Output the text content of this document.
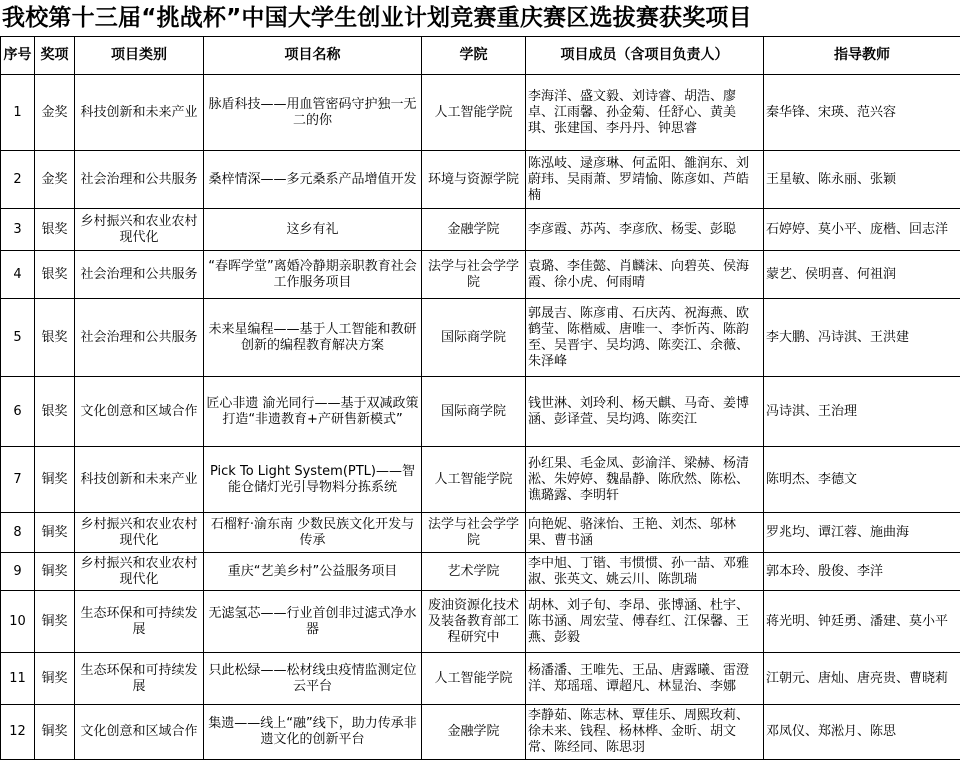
我校第十三届“挑战杯”中国大学生创业计划竞赛重庆赛区选拔赛获奖项目
序号	奖项	项目类别	项目名称	学院	项目成员（含项目负责人）	指导教师
1	金奖	科技创新和未来产业	脉盾科技——用血管密码守护独一无二的你	人工智能学院	李海洋、盛文毅、刘诗睿、胡浩、廖卓、江雨馨、孙金菊、任舒心、黄美琪、张建国、李丹丹、钟思睿	秦华锋、宋瑛、范兴容
2	金奖	社会治理和公共服务	桑梓情深——多元桑系产品增值开发	环境与资源学院	陈泓岐、逯彦琳、何孟阳、雒润东、刘蔚玮、吴雨萧、罗靖愉、陈彦如、芦皓楠	王星敏、陈永丽、张颖
3	银奖	乡村振兴和农业农村现代化	这乡有礼	金融学院	李彦霞、苏芮、李彦欣、杨雯、彭聪	石婷婷、莫小平、庞楷、回志洋
4	银奖	社会治理和公共服务	“春晖学堂”离婚冷静期亲职教育社会工作服务项目	法学与社会学学院	袁璐、李佳懿、肖麟沫、向碧英、侯海霞、徐小虎、何雨晴	蒙艺、侯明喜、何祖润
5	银奖	社会治理和公共服务	未来星编程——基于人工智能和教研创新的编程教育解决方案	国际商学院	郭晟吉、陈彦甫、石庆芮、祝海燕、欧鹤莹、陈楷威、唐唯一、李忻芮、陈韵至、吴晋宇、吴均鸿、陈奕江、余薇、朱泽峰	李大鹏、冯诗淇、王洪建
6	银奖	文化创意和区域合作	匠心非遗 渝光同行——基于双减政策打造“非遗教育+产研售新模式”	国际商学院	钱世淋、刘玲利、杨天麒、马奇、姜博涵、彭译萱、吴均鸿、陈奕江	冯诗淇、王治理
7	铜奖	科技创新和未来产业	Pick To Light System(PTL)——智能仓储灯光引导物料分拣系统	人工智能学院	孙红果、毛金凤、彭渝洋、梁赫、杨清淞、朱婷婷、魏晶静、陈欣然、陈松、谯璐露、李明轩	陈明杰、李德文
8	铜奖	乡村振兴和农业农村现代化	石榴籽·渝东南 少数民族文化开发与传承	法学与社会学学院	向艳妮、骆涞怡、王艳、刘杰、邬林果、曹书涵	罗兆均、谭江蓉、施曲海
9	铜奖	乡村振兴和农业农村现代化	重庆“艺美乡村”公益服务项目	艺术学院	李中旭、丁锴、韦惯惯、孙一喆、邓雅淑、张英文、姚云川、陈凯瑞	郭本玲、殷俊、李洋
10	铜奖	生态环保和可持续发展	无滤氢芯——行业首创非过滤式净水器	废油资源化技术及装备教育部工程研究中	胡林、刘子旬、李昂、张博涵、杜宇、陈书涵、周宏莹、傅春红、江保馨、王燕、彭毅	蒋光明、钟廷勇、潘建、莫小平
11	铜奖	生态环保和可持续发展	只此松绿——松材线虫疫情监测定位云平台	人工智能学院	杨潘潘、王唯先、王品、唐露曦、雷澄洋、郑瑶瑶、谭超凡、林显治、李娜	江朝元、唐灿、唐亮贵、曹晓莉
12	铜奖	文化创意和区域合作	集遗——线上“融”线下，助力传承非遗文化的创新平台	金融学院	李静茹、陈志林、覃佳乐、周熙玫莉、徐未来、钱程、杨林桦、金昕、胡文常、陈经同、陈思羽	邓凤仪、郑淞月、陈思
